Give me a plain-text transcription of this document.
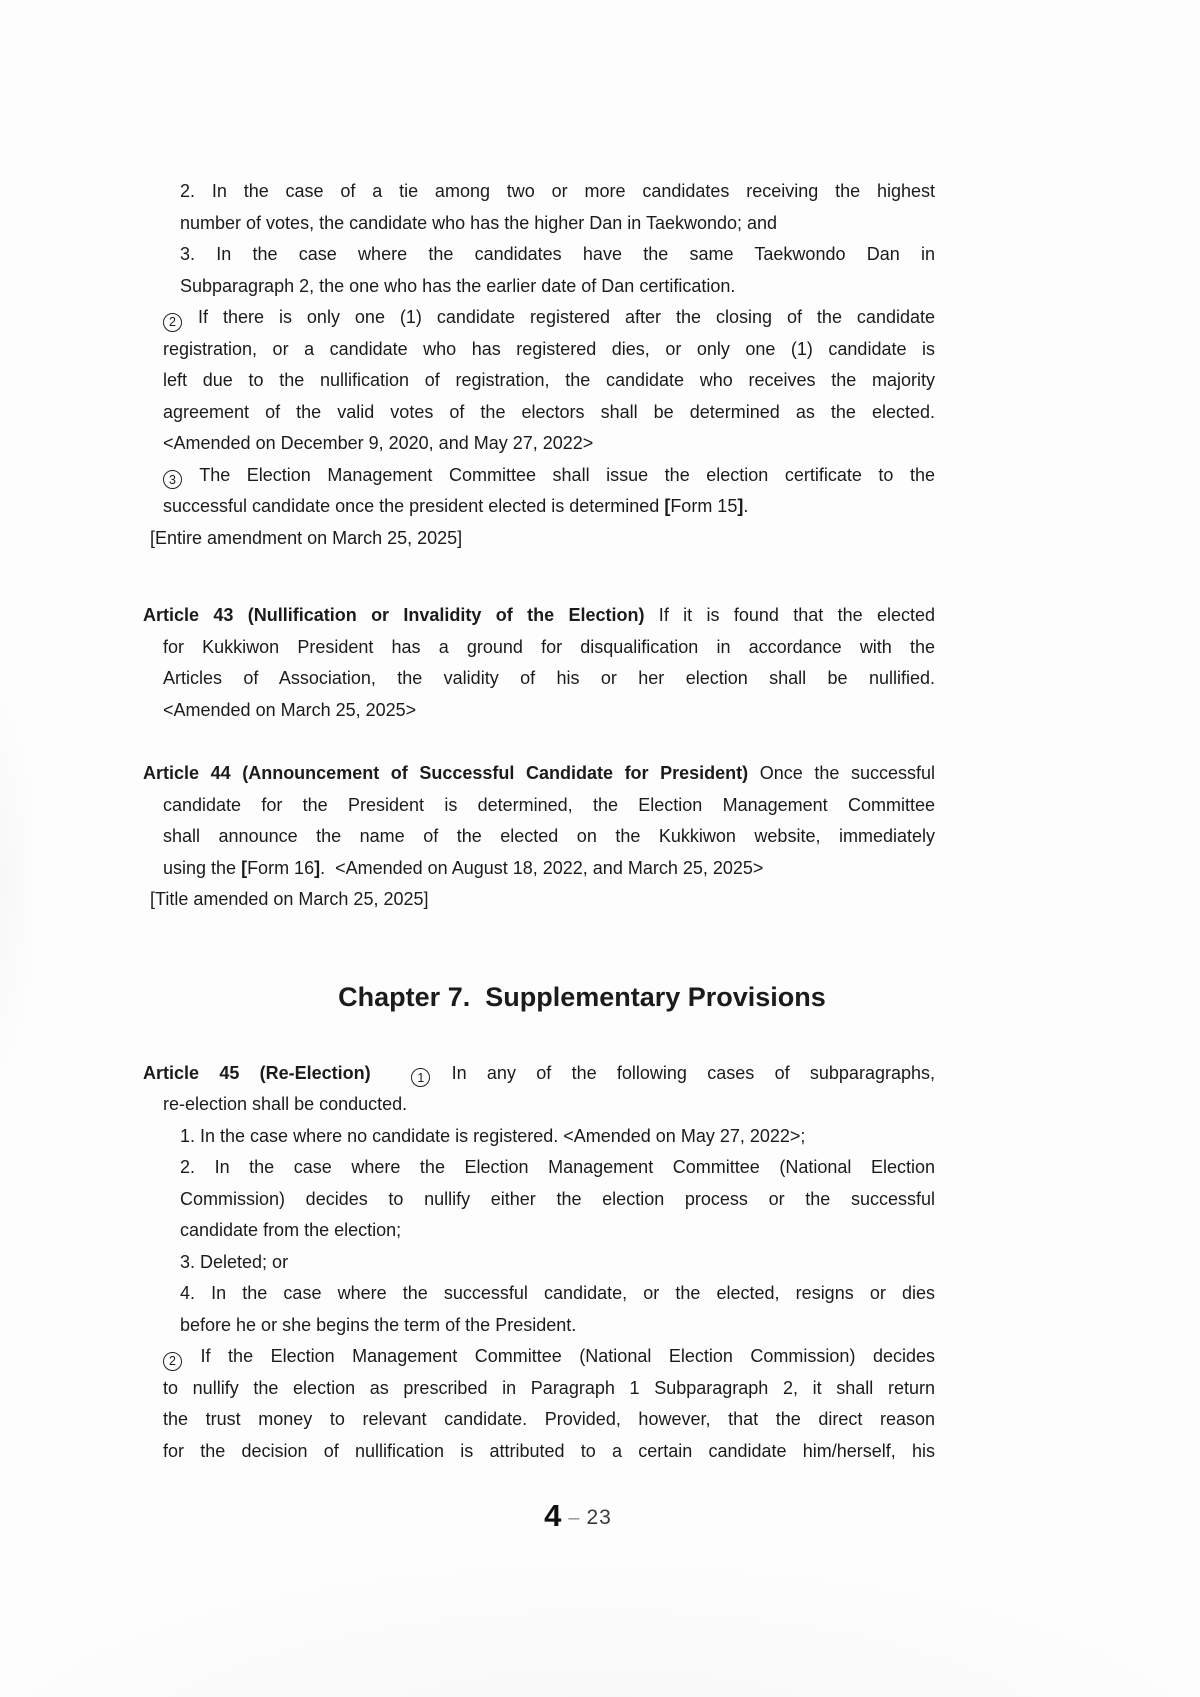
2. In the case of a tie among two or more candidates receiving the highest
number of votes, the candidate who has the higher Dan in Taekwondo; and
3. In the case where the candidates have the same Taekwondo Dan in
Subparagraph 2, the one who has the earlier date of Dan certification.
2 If there is only one (1) candidate registered after the closing of the candidate
registration, or a candidate who has registered dies, or only one (1) candidate is
left due to the nullification of registration, the candidate who receives the majority
agreement of the valid votes of the electors shall be determined as the elected.
<Amended on December 9, 2020, and May 27, 2022>
3 The Election Management Committee shall issue the election certificate to the
successful candidate once the president elected is determined [Form 15].
[Entire amendment on March 25, 2025]
Article 43 (Nullification or Invalidity of the Election) If it is found that the elected
for Kukkiwon President has a ground for disqualification in accordance with the
Articles of Association, the validity of his or her election shall be nullified.
<Amended on March 25, 2025>
Article 44 (Announcement of Successful Candidate for President) Once the successful
candidate for the President is determined, the Election Management Committee
shall announce the name of the elected on the Kukkiwon website, immediately
using the [Form 16].  <Amended on August 18, 2022, and March 25, 2025>
[Title amended on March 25, 2025]
Chapter 7.  Supplementary Provisions
Article 45 (Re-Election)	1 In any of the following cases of subparagraphs,
re-election shall be conducted.
1. In the case where no candidate is registered. <Amended on May 27, 2022>;
2. In the case where the Election Management Committee (National Election
Commission) decides to nullify either the election process or the successful
candidate from the election;
3. Deleted; or
4. In the case where the successful candidate, or the elected, resigns or dies
before he or she begins the term of the President.
2 If the Election Management Committee (National Election Commission) decides
to nullify the election as prescribed in Paragraph 1 Subparagraph 2, it shall return
the trust money to relevant candidate. Provided, however, that the direct reason
for the decision of nullification is attributed to a certain candidate him/herself, his
4 – 23
